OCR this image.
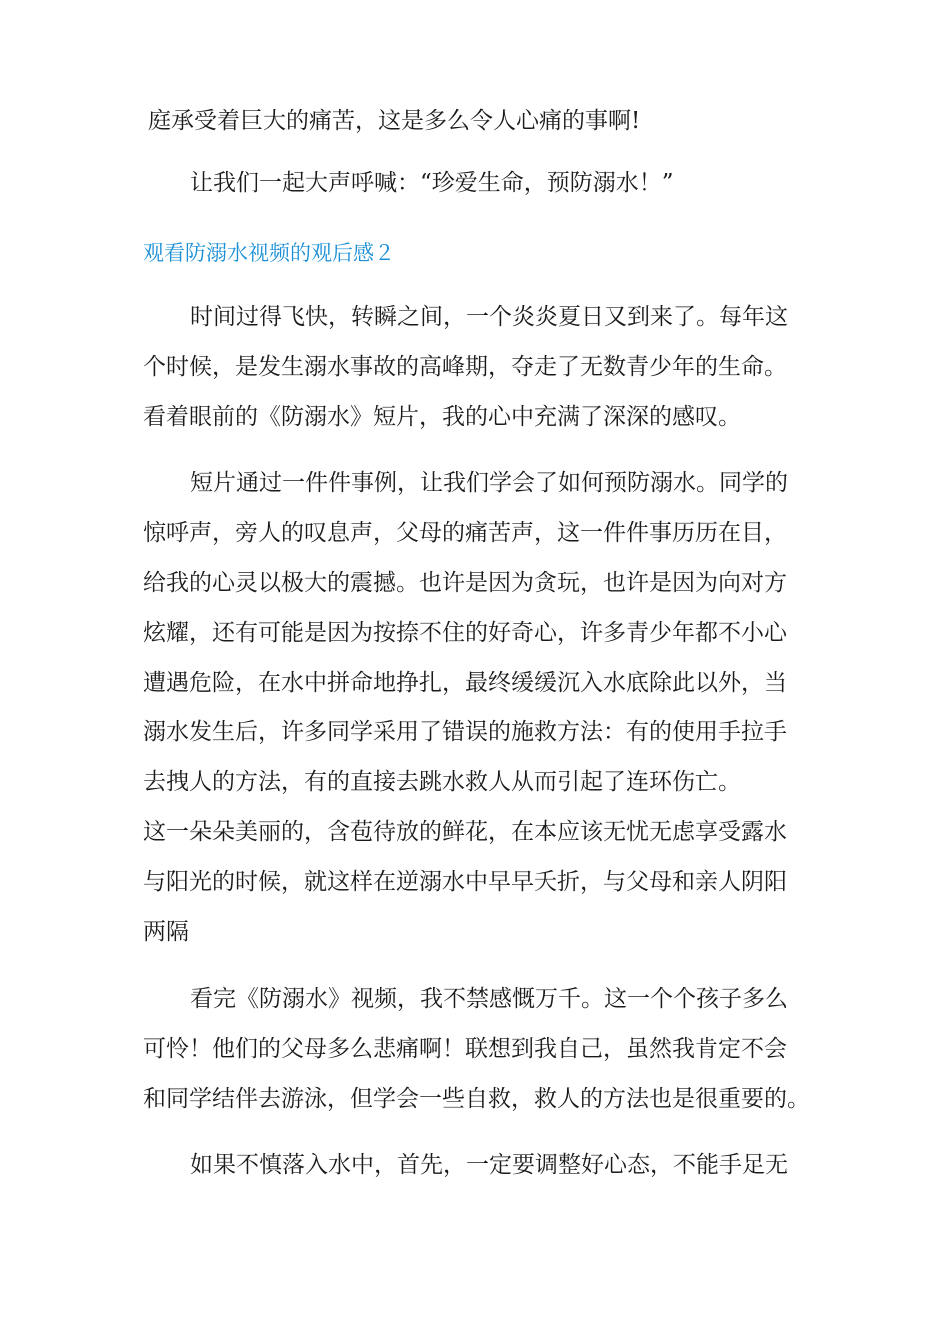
庭承受着巨大的痛苦，这是多么令人心痛的事啊!
让我们一起大声呼喊：“珍爱生命，预防溺水！”
观看防溺水视频的观后感２
时间过得飞快，转瞬之间，一个炎炎夏日又到来了。每年这
个时候，是发生溺水事故的高峰期，夺走了无数青少年的生命。
看着眼前的《防溺水》短片，我的心中充满了深深的感叹。
短片通过一件件事例，让我们学会了如何预防溺水。同学的
惊呼声，旁人的叹息声，父母的痛苦声，这一件件事历历在目，
给我的心灵以极大的震撼。也许是因为贪玩，也许是因为向对方
炫耀，还有可能是因为按捺不住的好奇心，许多青少年都不小心
遭遇危险，在水中拼命地挣扎，最终缓缓沉入水底除此以外，当
溺水发生后，许多同学采用了错误的施救方法：有的使用手拉手
去拽人的方法，有的直接去跳水救人从而引起了连环伤亡。
这一朵朵美丽的，含苞待放的鲜花，在本应该无忧无虑享受露水
与阳光的时候，就这样在逆溺水中早早夭折，与父母和亲人阴阳
两隔
看完《防溺水》视频，我不禁感慨万千。这一个个孩子多么
可怜！他们的父母多么悲痛啊！联想到我自己，虽然我肯定不会
和同学结伴去游泳，但学会一些自救，救人的方法也是很重要的。
如果不慎落入水中，首先，一定要调整好心态，不能手足无
